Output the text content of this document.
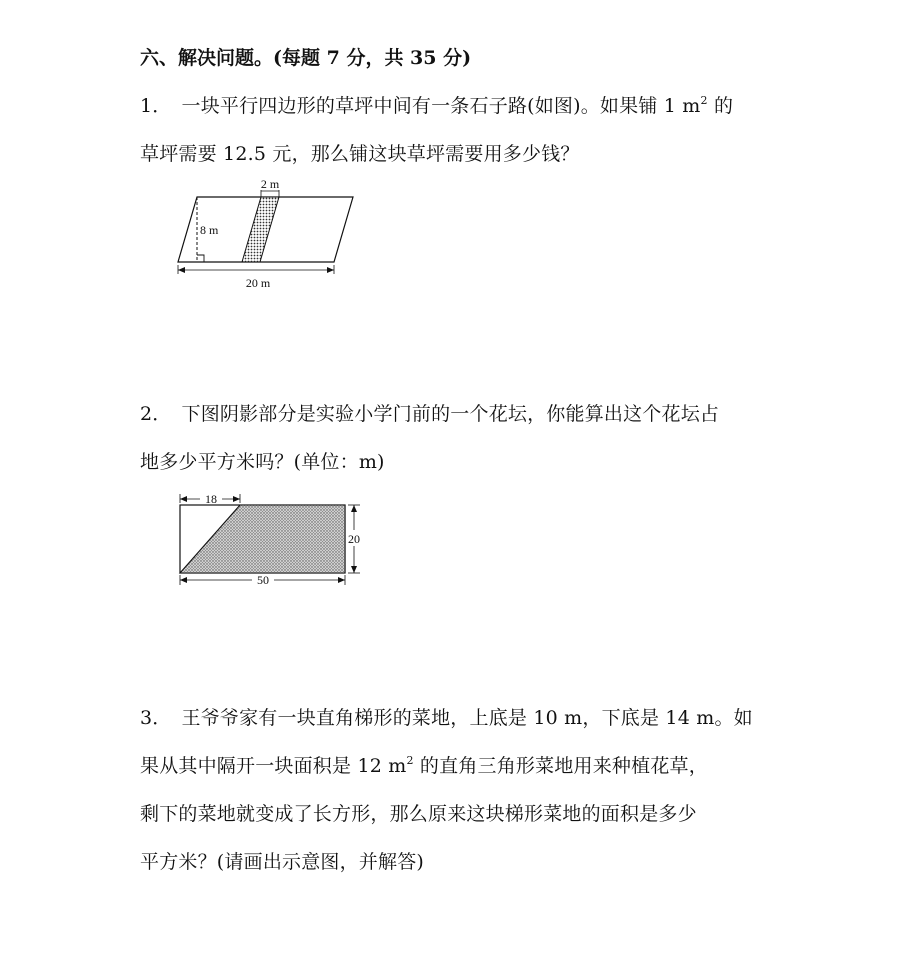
六、解决问题。(每题 7 分，共 35 分)
1． 一块平行四边形的草坪中间有一条石子路(如图)。如果铺 1 $m^2$ 的
草坪需要 12.5 元，那么铺这块草坪需要用多少钱？
2 m
8 m
20 m
2． 下图阴影部分是实验小学门前的一个花坛，你能算出这个花坛占
地多少平方米吗？(单位：m)
18
20
50
3． 王爷爷家有一块直角梯形的菜地，上底是 10 m，下底是 14 m。如
果从其中隔开一块面积是 12 $m^2$ 的直角三角形菜地用来种植花草，
剩下的菜地就变成了长方形，那么原来这块梯形菜地的面积是多少
平方米？(请画出示意图，并解答)
